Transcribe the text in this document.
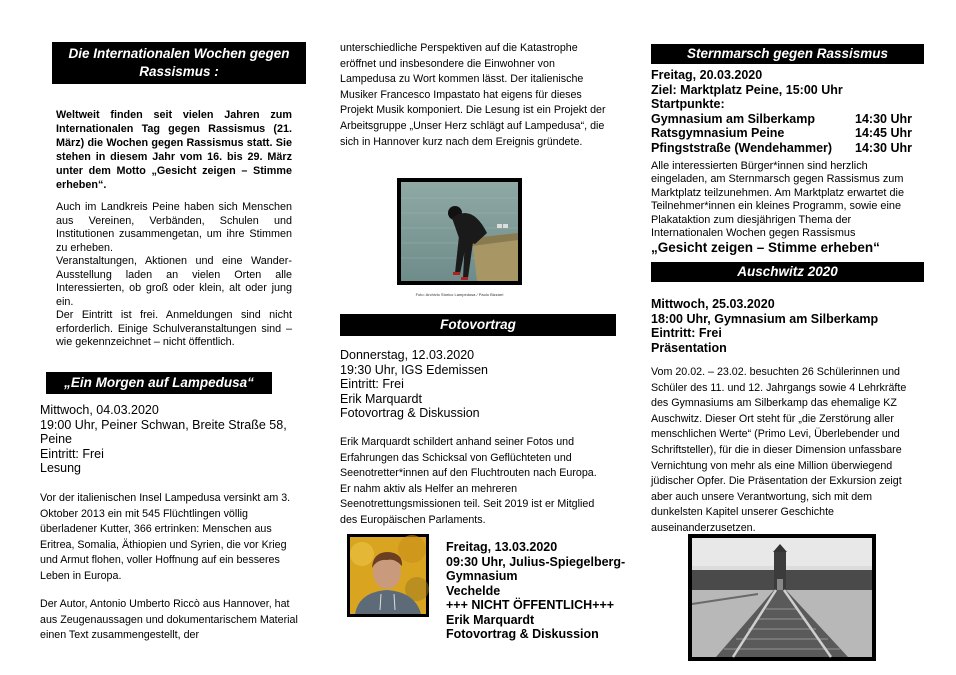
Die Internationalen Wochen gegen Rassismus :

Weltweit finden seit vielen Jahren zum Internationalen Tag gegen Rassismus (21. März) die Wochen gegen Rassismus statt. Sie stehen in diesem Jahr vom 16. bis 29. März unter dem Motto „Gesicht zeigen – Stimme erheben“.

Auch im Landkreis Peine haben sich Menschen aus Vereinen, Verbänden, Schulen und Institutionen zusammengetan, um ihre Stimmen zu erheben.

Veranstaltungen, Aktionen und eine Wander-Ausstellung laden an vielen Orten alle Interessierten, ob groß oder klein, alt oder jung ein.

Der Eintritt ist frei. Anmeldungen sind nicht erforderlich. Einige Schulveranstaltungen sind – wie gekennzeichnet – nicht öffentlich.

„Ein Morgen auf Lampedusa“

Mittwoch, 04.03.2020

19:00 Uhr, Peiner Schwan, Breite Straße 58, Peine

Eintritt: Frei

Lesung

Vor der italienischen Insel Lampedusa versinkt am 3. Oktober 2013 ein mit 545 Flüchtlingen völlig überladener Kutter, 366 ertrinken: Menschen aus Eritrea, Somalia, Äthiopien und Syrien, die vor Krieg und Armut flohen, voller Hoffnung auf ein besseres Leben in Europa.

Der Autor, Antonio Umberto Riccò aus Hannover, hat aus Zeugenaussagen und dokumentarischem Material einen Text zusammengestellt, der

unterschiedliche Perspektiven auf die Katastrophe eröffnet und insbesondere die Einwohner von Lampedusa zu Wort kommen lässt. Der italienische Musiker Francesco Impastato hat eigens für dieses Projekt Musik komponiert. Die Lesung ist ein Projekt der Arbeitsgruppe „Unser Herz schlägt auf Lampedusa“, die sich in Hannover kurz nach dem Ereignis gründete.

Foto: Archivio Storico Lampedusa / Paolo Bizzarri
Fotovortrag

Donnerstag, 12.03.2020

19:30 Uhr, IGS Edemissen

Eintritt: Frei

Erik Marquardt

Fotovortrag & Diskussion

Erik Marquardt schildert anhand seiner Fotos und Erfahrungen das Schicksal von Geflüchteten und Seenotretter*innen auf den Fluchtrouten nach Europa. Er nahm aktiv als Helfer an mehreren Seenotrettungsmissionen teil. Seit 2019 ist er Mitglied des Europäischen Parlaments.

Freitag, 13.03.2020

09:30 Uhr, Julius-Spiegelberg-Gymnasium

Vechelde

+++ NICHT ÖFFENTLICH+++

Erik Marquardt

Fotovortrag & Diskussion

Sternmarsch gegen Rassismus

Freitag, 20.03.2020

Ziel: Marktplatz Peine, 15:00 Uhr

Startpunkte:

Gymnasium am Silberkamp	14:30 Uhr
Ratsgymnasium Peine	14:45 Uhr
Pfingststraße (Wendehammer) 14:30 Uhr

Alle interessierten Bürger*innen sind herzlich eingeladen, am Sternmarsch gegen Rassismus zum Marktplatz teilzunehmen. Am Marktplatz erwartet die Teilnehmer*innen ein kleines Programm, sowie eine Plakataktion zum diesjährigen Thema der Internationalen Wochen gegen Rassismus

„Gesicht zeigen – Stimme erheben“

Auschwitz 2020

Mittwoch, 25.03.2020

18:00 Uhr, Gymnasium am Silberkamp

Eintritt: Frei

Präsentation

Vom 20.02. – 23.02. besuchten 26 Schülerinnen und Schüler des 11. und 12. Jahrgangs sowie 4 Lehrkräfte des Gymnasiums am Silberkamp das ehemalige KZ Auschwitz. Dieser Ort steht für „die Zerstörung aller menschlichen Werte“ (Primo Levi, Überlebender und Schriftsteller), für die in dieser Dimension unfassbare Vernichtung von mehr als eine Million überwiegend jüdischer Opfer. Die Präsentation der Exkursion zeigt aber auch unsere Verantwortung, sich mit dem dunkelsten Kapitel unserer Geschichte auseinanderzusetzen.
